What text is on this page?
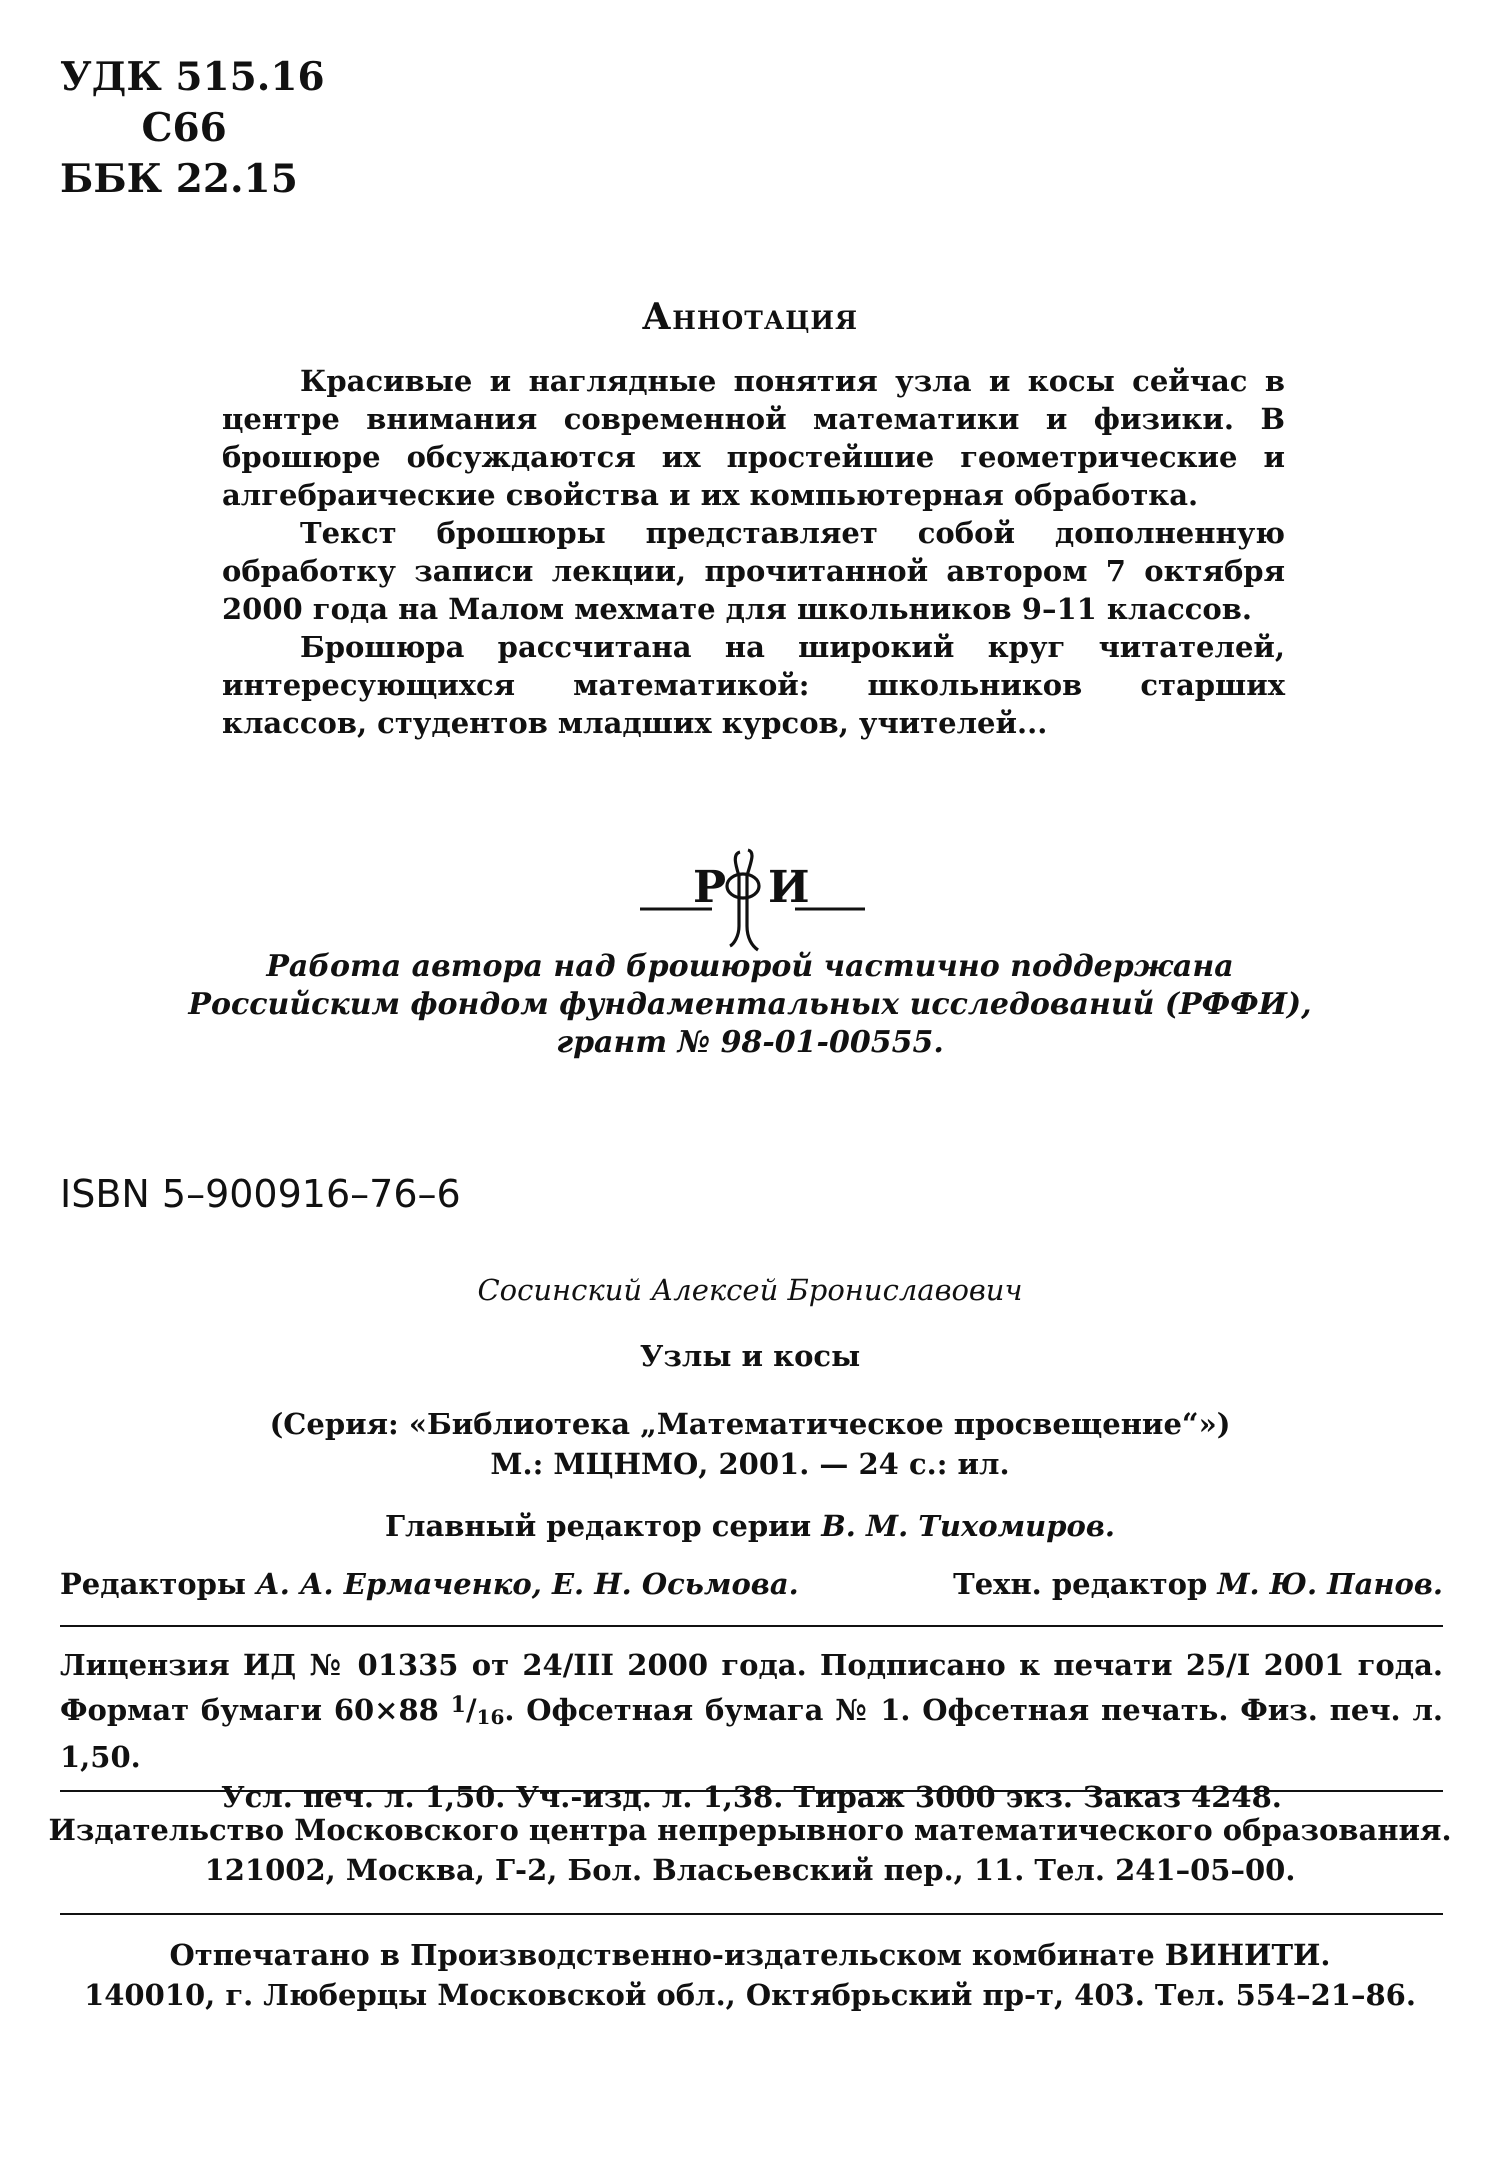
УДК 515.16
С66
ББК 22.15
Аннотация

Красивые и наглядные понятия узла и косы сейчас в центре внимания современной математики и физики. В брошюре обсуждаются их простейшие геометрические и алгебраические свойства и их компьютерная обработка.

Текст брошюры представляет собой дополненную обработку записи лекции, прочитанной автором 7 октября 2000 года на Малом мехмате для школьников 9–11 классов.

Брошюра рассчитана на широкий круг читателей, интересующихся математикой: школьников старших классов, студентов младших курсов, учителей...

Р И
Работа автора над брошюрой частично поддержана
Российским фондом фундаментальных исследований (РФФИ),
грант № 98-01-00555.
ISBN 5–900916–76–6
Сосинский Алексей Брониславович
Узлы и косы
(Серия: «Библиотека „Математическое просвещение“»)
М.: МЦНМО, 2001. — 24 с.: ил.
Главный редактор серии В. М. Тихомиров.
Редакторы А. А. Ермаченко, Е. Н. Осьмова.	Техн. редактор М. Ю. Панов.
Лицензия ИД № 01335 от 24/III 2000 года. Подписано к печати 25/I 2001 года.
Формат бумаги 60×88 $^1/_{16}$. Офсетная бумага № 1. Офсетная печать. Физ. печ. л. 1,50.
Усл. печ. л. 1,50. Уч.-изд. л. 1,38. Тираж 3000 экз. Заказ 4248.
Издательство Московского центра непрерывного математического образования.
121002, Москва, Г-2, Бол. Власьевский пер., 11. Тел. 241–05–00.
Отпечатано в Производственно-издательском комбинате ВИНИТИ.
140010, г. Люберцы Московской обл., Октябрьский пр-т, 403. Тел. 554–21–86.
